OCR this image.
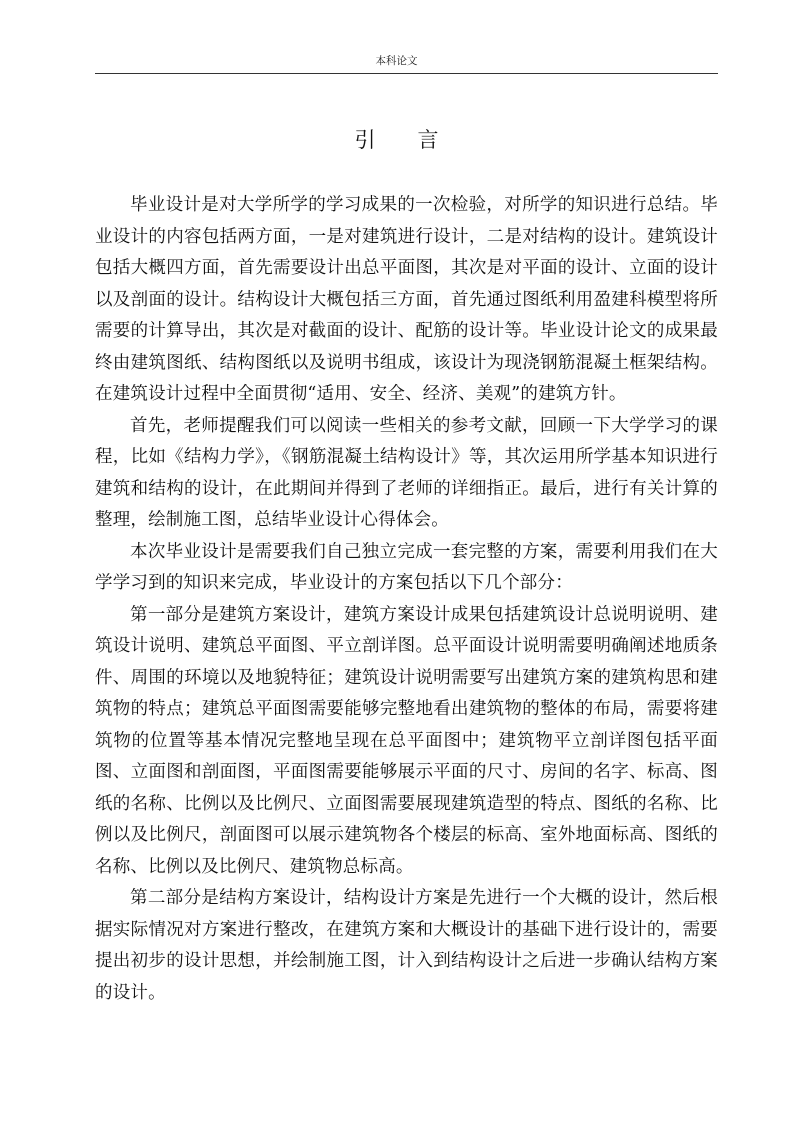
本科论文
引言

毕业设计是对大学所学的学习成果的一次检验，对所学的知识进行总结。毕业设计的内容包括两方面，一是对建筑进行设计，二是对结构的设计。建筑设计包括大概四方面，首先需要设计出总平面图，其次是对平面的设计、立面的设计以及剖面的设计。结构设计大概包括三方面，首先通过图纸利用盈建科模型将所需要的计算导出，其次是对截面的设计、配筋的设计等。毕业设计论文的成果最终由建筑图纸、结构图纸以及说明书组成，该设计为现浇钢筋混凝土框架结构。在建筑设计过程中全面贯彻“适用、安全、经济、美观”的建筑方针。

首先，老师提醒我们可以阅读一些相关的参考文献，回顾一下大学学习的课程，比如《结构力学》，《钢筋混凝土结构设计》等，其次运用所学基本知识进行建筑和结构的设计，在此期间并得到了老师的详细指正。最后，进行有关计算的整理，绘制施工图，总结毕业设计心得体会。

本次毕业设计是需要我们自己独立完成一套完整的方案，需要利用我们在大学学习到的知识来完成，毕业设计的方案包括以下几个部分：

第一部分是建筑方案设计，建筑方案设计成果包括建筑设计总说明说明、建筑设计说明、建筑总平面图、平立剖详图。总平面设计说明需要明确阐述地质条件、周围的环境以及地貌特征；建筑设计说明需要写出建筑方案的建筑构思和建筑物的特点；建筑总平面图需要能够完整地看出建筑物的整体的布局，需要将建筑物的位置等基本情况完整地呈现在总平面图中；建筑物平立剖详图包括平面图、立面图和剖面图，平面图需要能够展示平面的尺寸、房间的名字、标高、图纸的名称、比例以及比例尺、立面图需要展现建筑造型的特点、图纸的名称、比例以及比例尺，剖面图可以展示建筑物各个楼层的标高、室外地面标高、图纸的名称、比例以及比例尺、建筑物总标高。

第二部分是结构方案设计，结构设计方案是先进行一个大概的设计，然后根据实际情况对方案进行整改，在建筑方案和大概设计的基础下进行设计的，需要提出初步的设计思想，并绘制施工图，计入到结构设计之后进一步确认结构方案的设计。
